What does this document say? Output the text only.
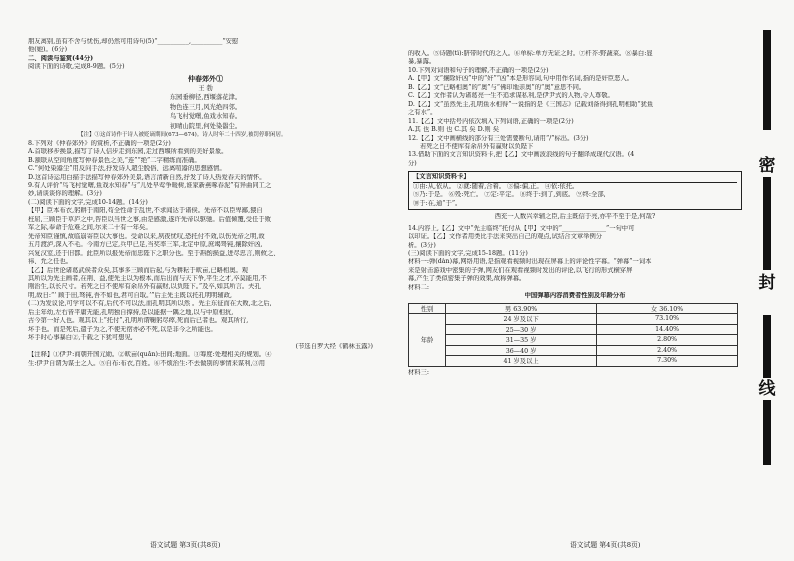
朋友离别,虽有不舍与忧伤,却仍然可用诗句(5)“__________,__________”安慰
他(她)。(6分)
二、阅读与鉴赏(44分)
阅读下面的诗歌,完成8-9题。(5分)
仲春郊外①
王 勃
东园垂柳径,西堰落花津。
物色连三月,风光绝四邻。
鸟飞村觉曙,鱼戏水知春。
初晴山院里,何处染嚣尘。
【注】①这首诗作于诗人被贬谪期间(673—674)。诗人时年二十四岁,被罚停职闲居。
8.下列对《仲春郊外》的赏析,不正确的一项是(2分)
A.首联移步换景,描写了诗人信步走到东园,走过西堰所看到的美好景象。
B.颔联从空间角度写仲春景色之美,“连”“绝”二字精练而准确。
C.“何处染嚣尘”用反问手法,抒发诗人超尘脱俗、远离喧嚣的思想感情。
D.这首诗运用白描手法描写仲春郊外美景,语言清新自然,抒发了诗人热爱春天的情怀。
9.有人评价“鸟飞村觉曙,鱼戏水知春”与“儿处早莺争暖树,谁家新燕啄春泥”有异曲同工之
妙,请谈谈你的理解。(3分)
(二)阅读下面的文字,完成10-14题。(14分)
【甲】臣本布衣,躬耕于南阳,苟全性命于乱世,不求闻达于诸侯。先帝不以臣卑鄙,猥自
枉屈,三顾臣于草庐之中,咨臣以当世之事,由是感激,遂许先帝以驱驰。后值倾覆,受任于败
军之际,奉命于危难之间,尔来二十有一年矣。
先帝知臣谨慎,故临崩寄臣以大事也。受命以来,夙夜忧叹,恐托付不效,以伤先帝之明,故
五月渡泸,深入不毛。今南方已定,兵甲已足,当奖率三军,北定中原,庶竭驽钝,攘除奸凶,
兴复汉室,还于旧都。此臣所以报先帝而忠陛下之职分也。至于斟酌损益,进尽忠言,则攸之、
祎、允之任也。
【乙】后世论诸葛武侯者众矣,其事多三顾而后起,与为耕耘于畎亩,已略相奥。观
其所以为先主画者,在荆、益,使先主以为根本,而后出而与天下争,平生之才,卒莫能用,不
刚治生,以长尺寸。若死之日不使库有余帛外有赢财,以负陛下。”及卒,如其所言。夫孔
明,故日:“‘ 顾于田,驽钝,吾不如也,君可自取。’”后主先主既以托孔明明辅政,
(二)为发议论,可学可以不有,后代不可以法,而孔明其所以然 。先主东征而在大败,北之后,
后主年幼,左右皆平庸无能,孔明独自撑持,是以能据一隅之地,以与中原相抗,
古今第一好人也。观其以上“托付”,孔明所谓鞠躬尽瘁,死而后已者也。观其所行,
坏手也。而是死后,遣子为之,不使无宿亦必不死,以是非今之所能也。
坏手时心事暴白②,千载之下犹可想见,
(节选自罗大经《鹤林玉露》)
【注释】①伊尹:商朝开国元勋。②畎亩(quǎn):田间;地面。③筹度:处理相关的规划。④
生:伊尹自谓为谋士之人。⑤自布:布衣,百姓。⑥不烦治生:不去做别的事情来谋利,③用
语文试题 第3页(共8页)
的收入。⑤诗题(tì):脐带时代的之人。⑥单标:单方无证之时。⑦杆芥:野蔬菜。⑧暴白:显
暴,暴露。
10.下列对词语和句子的理解,不正确的一项是(2分)
A.【甲】文“攘除奸凶”中的“奸”“凶”本是形容词,句中用作名词,指的是奸臣恶人。
B.【乙】文“已略相奥”的“奥”与“佛印地亲奥”的“奥”意思不同。
C.【乙】文作者认为诸葛亮一生不追求谋私利,是伊尹式的人物,令人尊敬。
D.【乙】文“虽然先主,孔明鱼水相得”一说指的是《三国志》记载刘备得到孔明相助“犹鱼
之有水”。
11.【乙】文中括号内依次填入下列词语,正确的一项是(2分)
A.其 也 B.则 也 C.其 矣 D.则 矣
12.【乙】文中画横线的部分有三处需要断句,请用“/”标出。(3分)
若死之日不使库有余帛外有赢财以负陛下
13.借助下面的文言知识资料卡,把【乙】文中画波浪线的句子翻译成现代汉语。(4
分)
【文言知识资料卡】
①由:从,依从。 ②就:随着,合着。 ③偏:偏,正。 ④依:依托。
⑤乃:于是。 ⑥殁:死亡。 ⑦定:平定。 ⑧终于:到了,到底。 ⑨终:全部,
⑩于:在,通“于”。
西充一人数兴幸辅之臣,后主既信于亮,亦平不至于是,何哉?
14.内容上,【乙】文中“先主临终“托付从【甲】文中的“______________”一句中可
以印证。【乙】文作者用类比手法来突出自己的观点,试结合文章举例分
析。(3分)
(三)阅读下面的文字,完成15-18题。(11分)
材料一:弹(dàn)幕,网络用语,是指观看视频时出现在屏幕上的评论性字幕。“弹幕”一词本
来是射击游戏中密集的子弹,网友们在观看视频时发出的评论,以飞行的形式横穿屏
幕,产生了类似密集子弹的效果,故称弹幕。
材料二:
中国弹幕内容消费者性别及年龄分布
性别	男 63.90%	女 36.10%
年龄	24 岁及以下	73.10%
	25—30 岁	14.40%
	31—35 岁	2.80%
	36—40 岁	2.40%
	41 岁及以上	7.30%
材料三:
语文试题 第4页(共8页)
密
封
线
